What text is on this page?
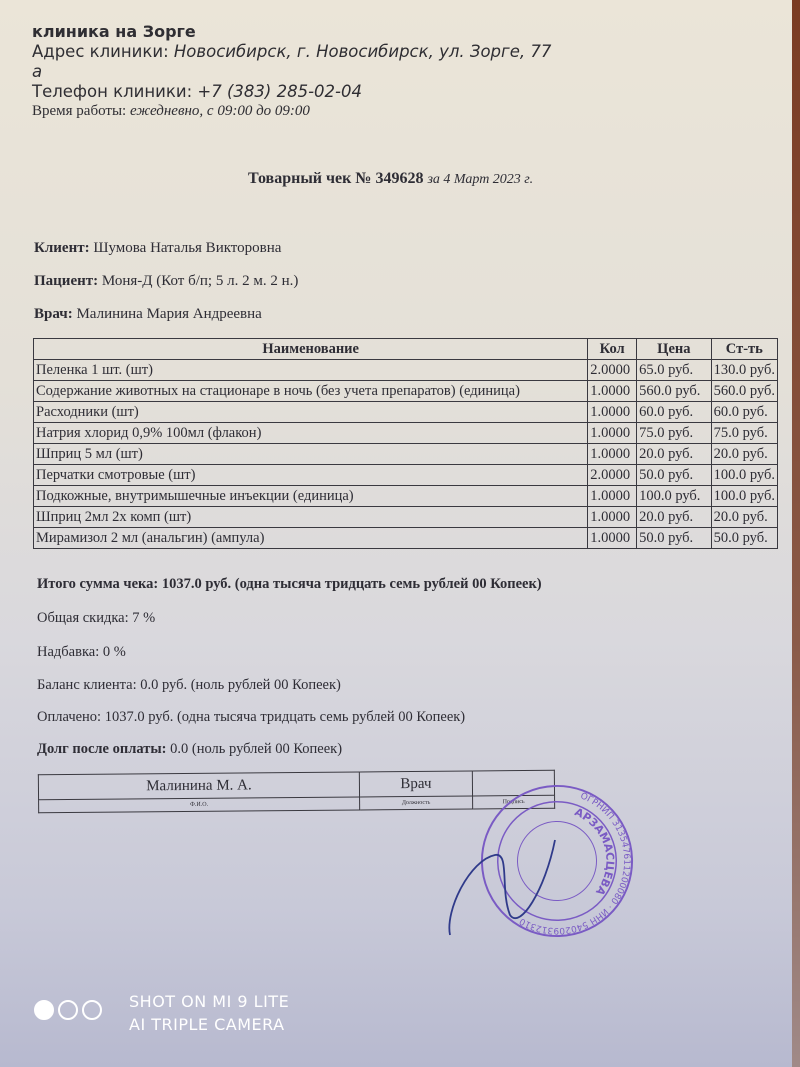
клиника на Зорге
Адрес клиники: Новосибирск, г. Новосибирск, ул. Зорге, 77
а
Телефон клиники: +7 (383) 285-02-04
Время работы: ежедневно, с 09:00 до 09:00
Товарный чек № 349628 за 4 Март 2023 г.
Клиент: Шумова Наталья Викторовна
Пациент: Моня-Д (Кот б/п; 5 л. 2 м. 2 н.)
Врач: Малинина Мария Андреевна
Наименование	Кол	Цена	Ст-ть
Пеленка 1 шт. (шт)	2.0000	65.0 руб.	130.0 руб.
Содержание животных на стационаре в ночь (без учета препаратов) (единица)	1.0000	560.0 руб.	560.0 руб.
Расходники (шт)	1.0000	60.0 руб.	60.0 руб.
Натрия хлорид 0,9% 100мл (флакон)	1.0000	75.0 руб.	75.0 руб.
Шприц 5 мл (шт)	1.0000	20.0 руб.	20.0 руб.
Перчатки смотровые (шт)	2.0000	50.0 руб.	100.0 руб.
Подкожные, внутримышечные инъекции (единица)	1.0000	100.0 руб.	100.0 руб.
Шприц 2мл 2х комп (шт)	1.0000	20.0 руб.	20.0 руб.
Мирамизол 2 мл (анальгин) (ампула)	1.0000	50.0 руб.	50.0 руб.
Итого сумма чека: 1037.0 руб. (одна тысяча тридцать семь рублей 00 Копеек)
Общая скидка: 7 %
Надбавка: 0 %
Баланс клиента: 0.0 руб. (ноль рублей 00 Копеек)
Оплачено: 1037.0 руб. (одна тысяча тридцать семь рублей 00 Копеек)
Долг после оплаты: 0.0 (ноль рублей 00 Копеек)
Малинина М. А.	Врач	
Ф.И.О.	Должность	Подпись	ОГРНИП 313547611200080 · ИНН 540209312310
АРЗАМАСЦЕВА
SHOT ON MI 9 LITE
AI TRIPLE CAMERA
